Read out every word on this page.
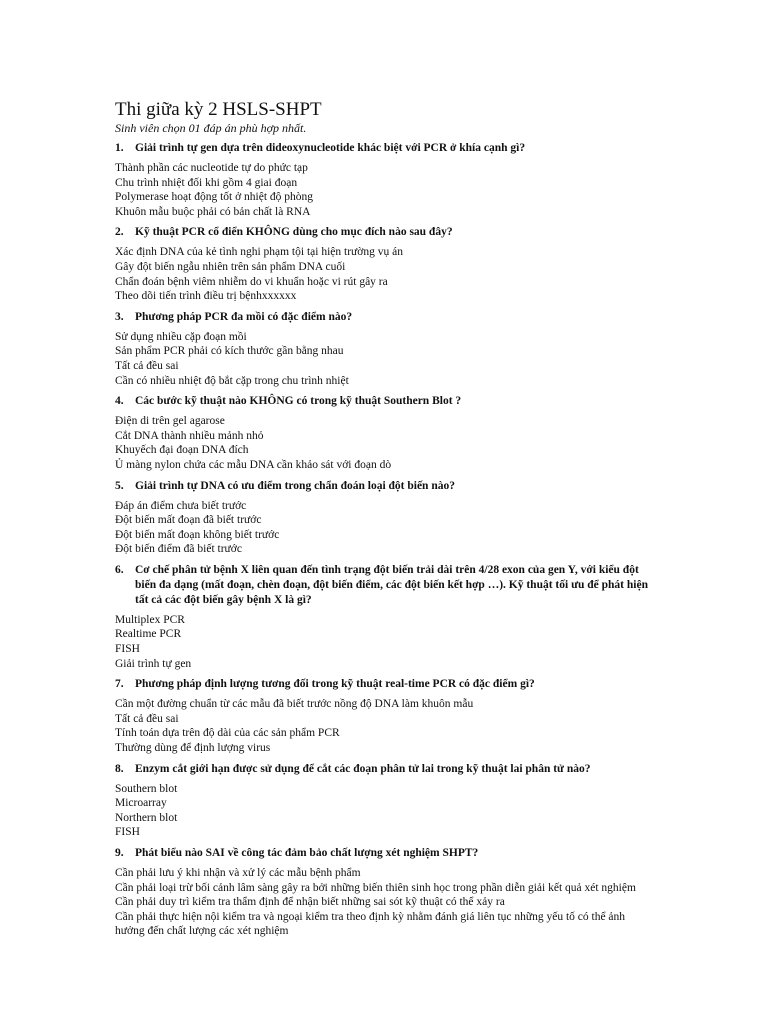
Thi giữa kỳ 2 HSLS-SHPT

Sinh viên chọn 01 đáp án phù hợp nhất.

1. Giải trình tự gen dựa trên dideoxynucleotide khác biệt với PCR ở khía cạnh gì?
Thành phần các nucleotide tự do phức tạp
Chu trình nhiệt đối khi gồm 4 giai đoạn
Polymerase hoạt động tốt ở nhiệt độ phòng
Khuôn mẫu buộc phải có bản chất là RNA
2. Kỹ thuật PCR cổ điển KHÔNG dùng cho mục đích nào sau đây?
Xác định DNA của kẻ tình nghi phạm tội tại hiện trường vụ án
Gây đột biến ngẫu nhiên trên sản phẩm DNA cuối
Chẩn đoán bệnh viêm nhiễm do vi khuẩn hoặc vi rút gây ra
Theo dõi tiến trình điều trị bệnhxxxxxx
3. Phương pháp PCR đa mồi có đặc điểm nào?
Sử dụng nhiều cặp đoạn mồi
Sản phẩm PCR phải có kích thước gần bằng nhau
Tất cả đều sai
Cần có nhiều nhiệt độ bắt cặp trong chu trình nhiệt
4. Các bước kỹ thuật nào KHÔNG có trong kỹ thuật Southern Blot ?
Điện di trên gel agarose
Cắt DNA thành nhiều mảnh nhỏ
Khuyếch đại đoạn DNA đích
Ủ màng nylon chứa các mẫu DNA cần khảo sát với đoạn dò
5. Giải trình tự DNA có ưu điểm trong chẩn đoán loại đột biến nào?
Đáp án điểm chưa biết trước
Đột biến mất đoạn đã biết trước
Đột biến mất đoạn không biết trước
Đột biến điểm đã biết trước
6. Cơ chế phân tử bệnh X liên quan đến tình trạng đột biến trải dài trên 4/28 exon của gen Y, với kiểu đột biến đa dạng (mất đoạn, chèn đoạn, đột biến điểm, các đột biến kết hợp …). Kỹ thuật tối ưu để phát hiện tất cả các đột biến gây bệnh X là gì?
Multiplex PCR
Realtime PCR
FISH
Giải trình tự gen
7. Phương pháp định lượng tương đối trong kỹ thuật real-time PCR có đặc điểm gì?
Cần một đường chuẩn từ các mẫu đã biết trước nồng độ DNA làm khuôn mẫu
Tất cả đều sai
Tính toán dựa trên độ dài của các sản phẩm PCR
Thường dùng để định lượng virus
8. Enzym cắt giới hạn được sử dụng để cắt các đoạn phân tử lai trong kỹ thuật lai phân tử nào?
Southern blot
Microarray
Northern blot
FISH
9. Phát biểu nào SAI về công tác đảm bảo chất lượng xét nghiệm SHPT?
Cần phải lưu ý khi nhận và xử lý các mẫu bệnh phẩm
Cần phải loại trừ bối cảnh lâm sàng gây ra bởi những biến thiên sinh học trong phần diễn giải kết quả xét nghiệm
Cần phải duy trì kiểm tra thẩm định để nhận biết những sai sót kỹ thuật có thể xảy ra
Cần phải thực hiện nội kiểm tra và ngoại kiểm tra theo định kỳ nhằm đánh giá liên tục những yếu tố có thể ảnh hưởng đến chất lượng các xét nghiệm
